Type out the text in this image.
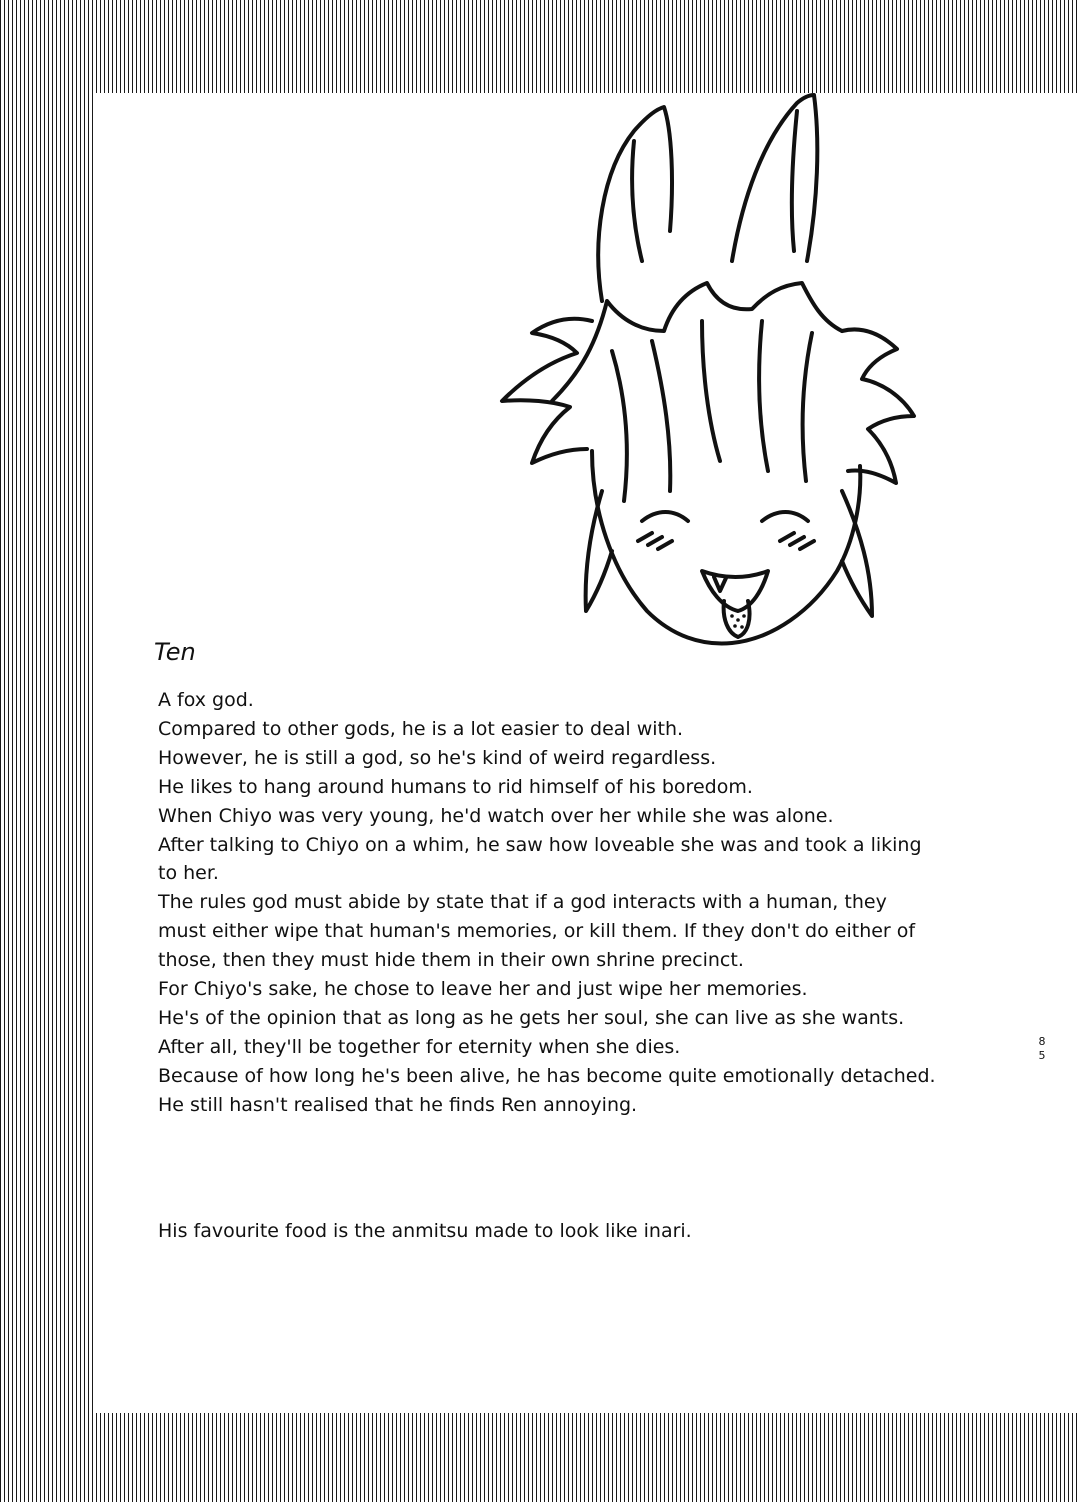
Ten
A fox god.
Compared to other gods, he is a lot easier to deal with.
However, he is still a god, so he's kind of weird regardless.
He likes to hang around humans to rid himself of his boredom.
When Chiyo was very young, he'd watch over her while she was alone.
After talking to Chiyo on a whim, he saw how loveable she was and took a liking to her.
The rules god must abide by state that if a god interacts with a human, they must either wipe that human's memories, or kill them. If they don't do either of those, then they must hide them in their own shrine precinct.
For Chiyo's sake, he chose to leave her and just wipe her memories.
He's of the opinion that as long as he gets her soul, she can live as she wants.
After all, they'll be together for eternity when she dies.
Because of how long he's been alive, he has become quite emotionally detached.
He still hasn't realised that he finds Ren annoying.
His favourite food is the anmitsu made to look like inari.
85
